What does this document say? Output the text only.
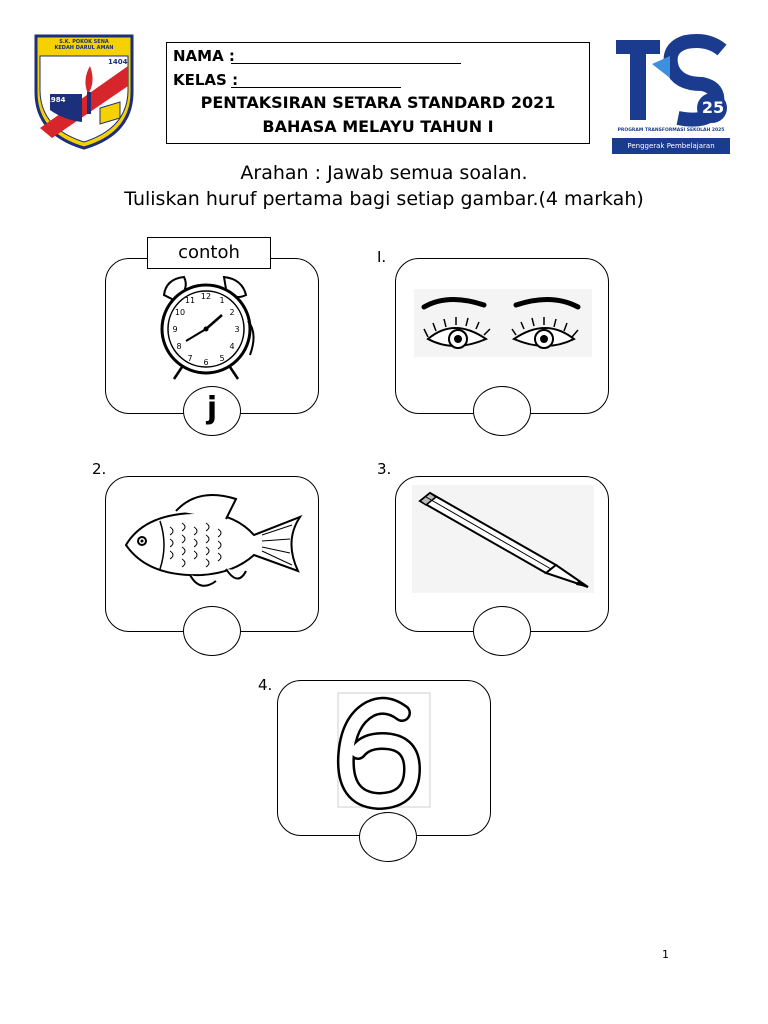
S.K. POKOK SENA
KEDAH DARUL AMAN
1984
1404	NAMA :
KELAS :
PENTAKSIRAN SETARA STANDARD 2021
BAHASA MELAYU TAHUN I
25
PROGRAM TRANSFORMASI SEKOLAH 2025
Penggerak Pembelajaran Bermakna
Arahan : Jawab semua soalan.
Tuliskan huruf pertama bagi setiap gambar.(4 markah)
12 1
2
3
4
5
6
7
8
9
10
11
contoh
j
I.
2.	3.
4.
1
